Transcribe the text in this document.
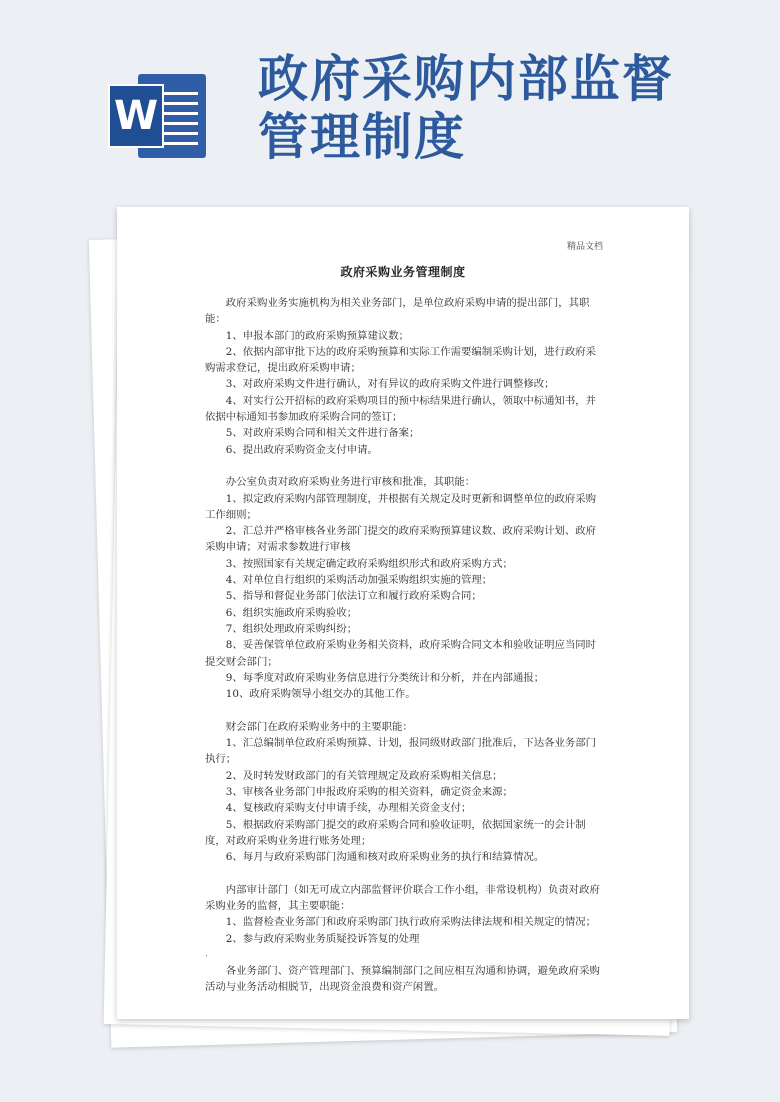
W
政府采购内部监督
管理制度

精品文档

政府采购业务管理制度

政府采购业务实施机构为相关业务部门，是单位政府采购申请的提出部门，其职能：

1、申报本部门的政府采购预算建议数；

2、依据内部审批下达的政府采购预算和实际工作需要编制采购计划，进行政府采购需求登记，提出政府采购申请；

3、对政府采购文件进行确认，对有异议的政府采购文件进行调整修改；

4、对实行公开招标的政府采购项目的预中标结果进行确认，领取中标通知书，并依据中标通知书参加政府采购合同的签订；

5、对政府采购合同和相关文件进行备案；

6、提出政府采购资金支付申请。

办公室负责对政府采购业务进行审核和批准，其职能：

1、拟定政府采购内部管理制度，并根据有关规定及时更新和调整单位的政府采购工作细则；

2、汇总并严格审核各业务部门提交的政府采购预算建议数、政府采购计划、政府采购申请；对需求参数进行审核

3、按照国家有关规定确定政府采购组织形式和政府采购方式；

4、对单位自行组织的采购活动加强采购组织实施的管理；

5、指导和督促业务部门依法订立和履行政府采购合同；

6、组织实施政府采购验收；

7、组织处理政府采购纠纷；

8、妥善保管单位政府采购业务相关资料，政府采购合同文本和验收证明应当同时提交财会部门；

9、每季度对政府采购业务信息进行分类统计和分析，并在内部通报；

10、政府采购领导小组交办的其他工作。

财会部门在政府采购业务中的主要职能：

1、汇总编制单位政府采购预算、计划，报同级财政部门批准后，下达各业务部门执行；

2、及时转发财政部门的有关管理规定及政府采购相关信息；

3、审核各业务部门申报政府采购的相关资料，确定资金来源；

4、复核政府采购支付申请手续，办理相关资金支付；

5、根据政府采购部门提交的政府采购合同和验收证明，依据国家统一的会计制度，对政府采购业务进行账务处理；

6、每月与政府采购部门沟通和核对政府采购业务的执行和结算情况。

内部审计部门（如无可成立内部监督评价联合工作小组，非常设机构）负责对政府采购业务的监督，其主要职能：

1、监督检查业务部门和政府采购部门执行政府采购法律法规和相关规定的情况；

2、参与政府采购业务质疑投诉答复的处理

各业务部门、资产管理部门、预算编制部门之间应相互沟通和协调，避免政府采购活动与业务活动相脱节，出现资金浪费和资产闲置。

.
